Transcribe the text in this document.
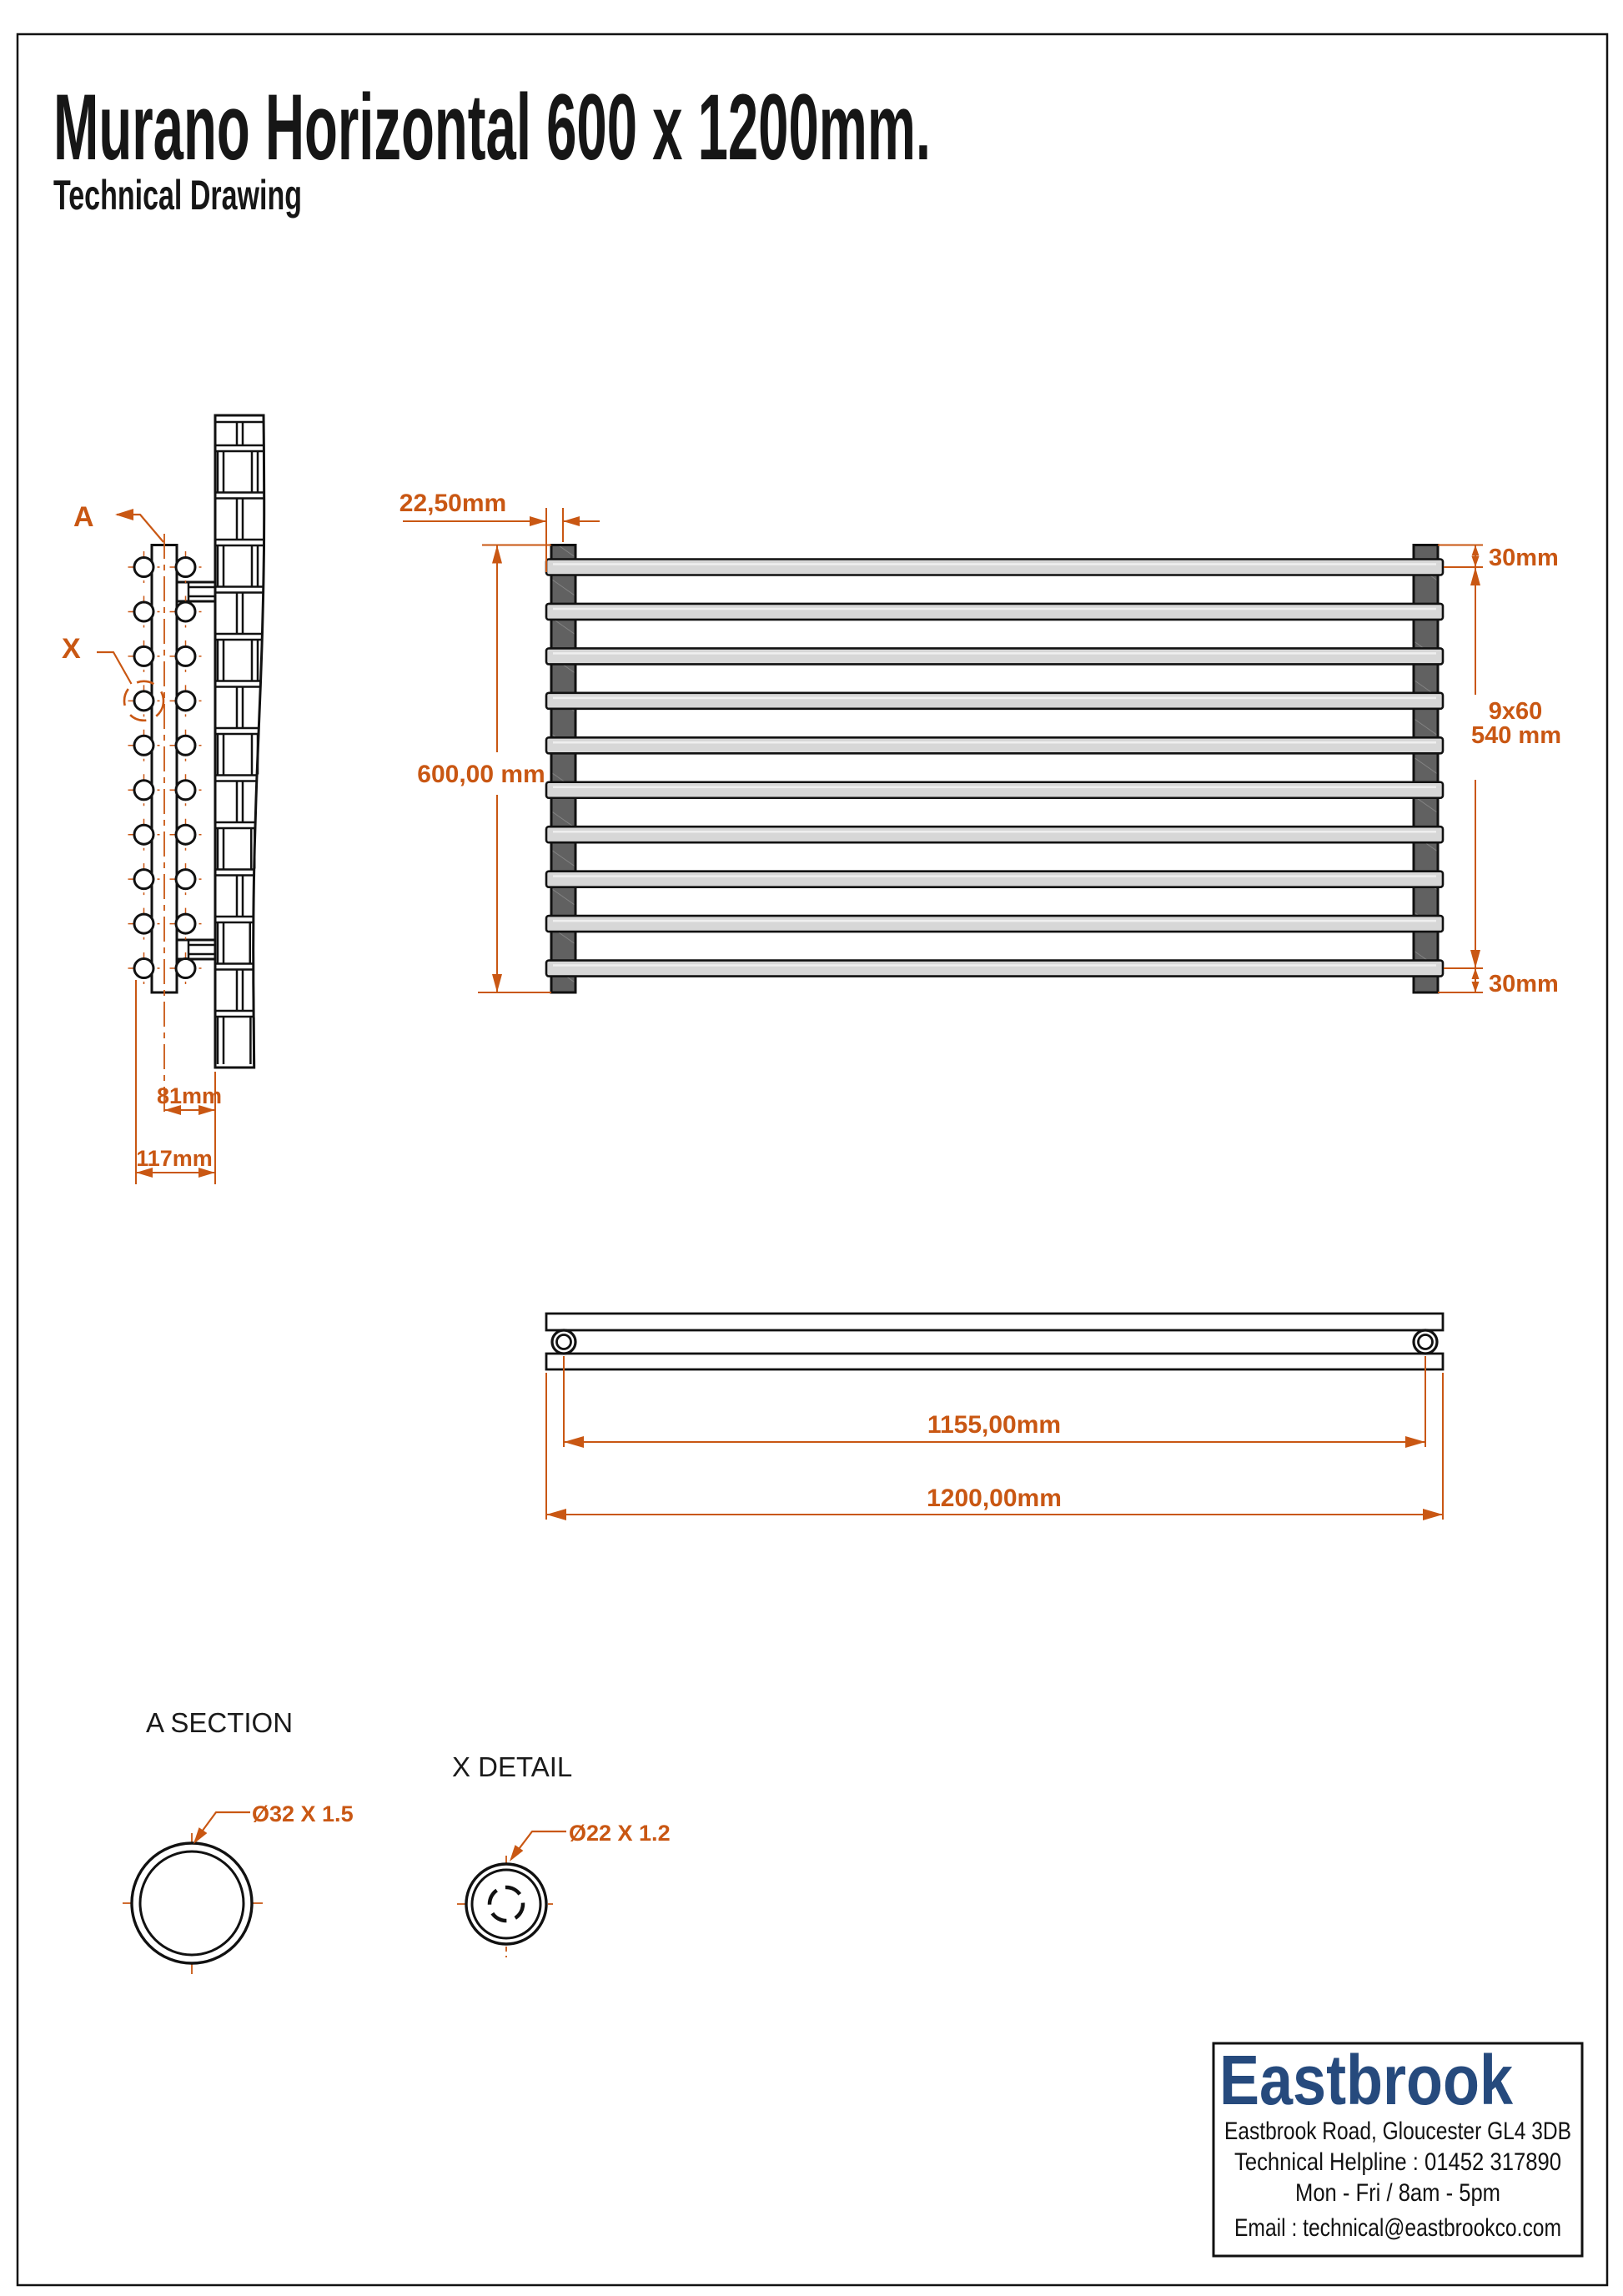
Murano Horizontal 600 x 1200mm.
Technical Drawing
A
X
81mm
117mm
22,50mm
600,00 mm
30mm
9x60
540 mm
30mm
1155,00mm
1200,00mm
A SECTION
Ø32 X 1.5
X DETAIL
Ø22 X 1.2
Eastbrook
Eastbrook Road, Gloucester GL4 3DB
Technical Helpline : 01452 317890
Mon - Fri / 8am - 5pm
Email : technical@eastbrookco.com
